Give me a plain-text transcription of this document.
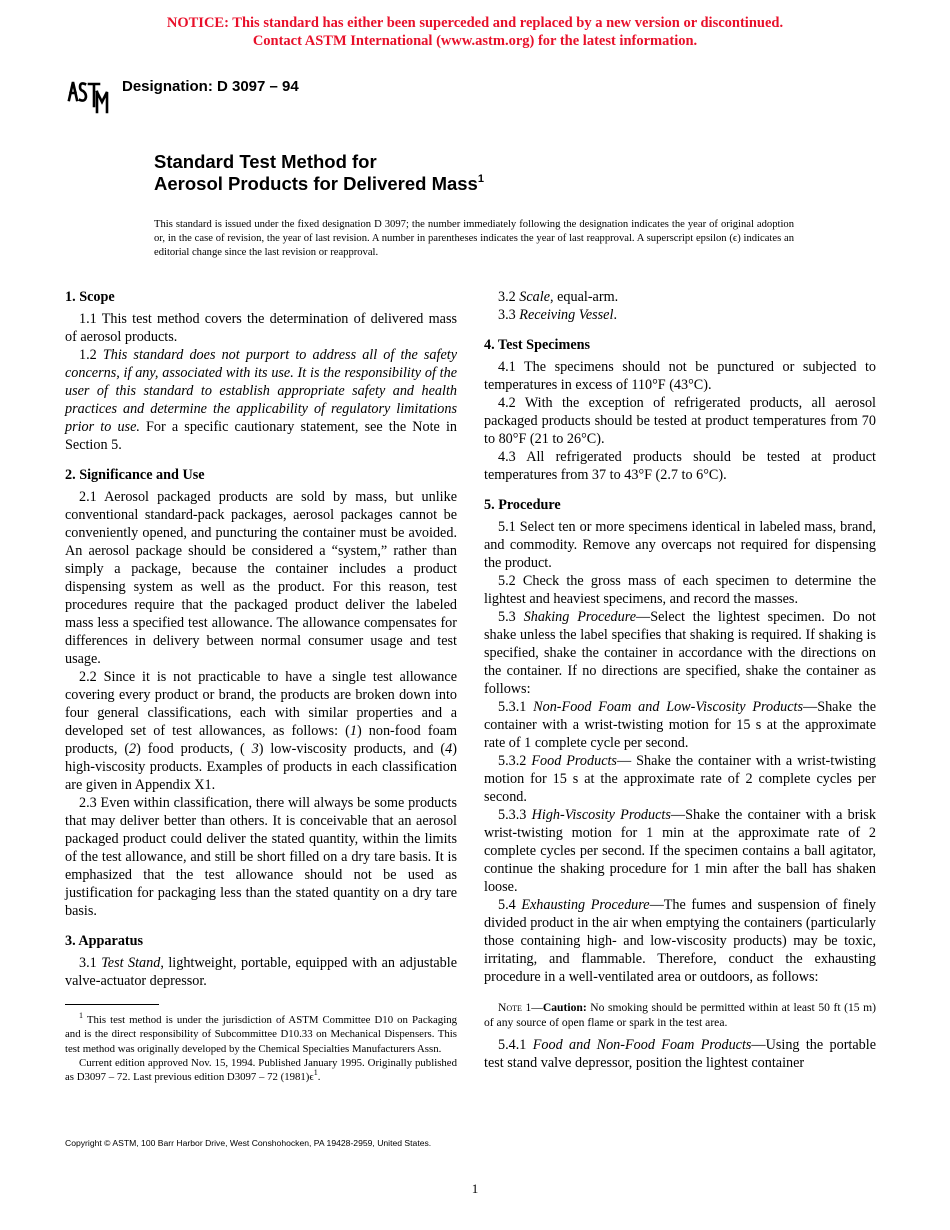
NOTICE: This standard has either been superceded and replaced by a new version or discontinued.
Contact ASTM International (www.astm.org) for the latest information.
Designation: D 3097 – 94
Standard Test Method for
Aerosol Products for Delivered Mass$^1$
This standard is issued under the fixed designation D 3097; the number immediately following the designation indicates the year of original adoption or, in the case of revision, the year of last revision. A number in parentheses indicates the year of last reapproval. A superscript epsilon (ϵ) indicates an editorial change since the last revision or reapproval.
1. Scope

1.1 This test method covers the determination of delivered mass of aerosol products.

1.2 This standard does not purport to address all of the safety concerns, if any, associated with its use. It is the responsibility of the user of this standard to establish appropriate safety and health practices and determine the applicability of regulatory limitations prior to use. For a specific cautionary statement, see the Note in Section 5.

2. Significance and Use

2.1 Aerosol packaged products are sold by mass, but unlike conventional standard-pack packages, aerosol packages cannot be conveniently opened, and puncturing the container must be avoided. An aerosol package should be considered a “system,” rather than simply a package, because the container includes a product dispensing system as well as the product. For this reason, test procedures require that the packaged product deliver the labeled mass less a specified test allowance. The allowance compensates for differences in delivery between normal consumer usage and test usage.

2.2 Since it is not practicable to have a single test allowance covering every product or brand, the products are broken down into four general classifications, each with similar properties and a developed set of test allowances, as follows: (1) non-food foam products, (2) food products, ( 3) low-viscosity products, and (4) high-viscosity products. Examples of products in each classification are given in Appendix X1.

2.3 Even within classification, there will always be some products that may deliver better than others. It is conceivable that an aerosol packaged product could deliver the stated quantity, within the limits of the test allowance, and still be short filled on a dry tare basis. It is emphasized that the test allowance should not be used as justification for packaging less than the stated quantity on a dry tare basis.

3. Apparatus

3.1 Test Stand, lightweight, portable, equipped with an adjustable valve-actuator depressor.

$^1$ This test method is under the jurisdiction of ASTM Committee D10 on Packaging and is the direct responsibility of Subcommittee D10.33 on Mechanical Dispensers. This test method was originally developed by the Chemical Specialties Manufacturers Assn.

Current edition approved Nov. 15, 1994. Published January 1995. Originally published as D3097 – 72. Last previous edition D3097 – 72 $(1981)\epsilon^1$.

3.2 Scale, equal-arm.

3.3 Receiving Vessel.

4. Test Specimens

4.1 The specimens should not be punctured or subjected to temperatures in excess of 110°F (43°C).

4.2 With the exception of refrigerated products, all aerosol packaged products should be tested at product temperatures from 70 to 80°F (21 to 26°C).

4.3 All refrigerated products should be tested at product temperatures from 37 to 43°F (2.7 to 6°C).

5. Procedure

5.1 Select ten or more specimens identical in labeled mass, brand, and commodity. Remove any overcaps not required for dispensing the product.

5.2 Check the gross mass of each specimen to determine the lightest and heaviest specimens, and record the masses.

5.3 Shaking Procedure—Select the lightest specimen. Do not shake unless the label specifies that shaking is required. If shaking is specified, shake the container in accordance with the directions on the container. If no directions are specified, shake the container as follows:

5.3.1 Non-Food Foam and Low-Viscosity Products—Shake the container with a wrist-twisting motion for 15 s at the approximate rate of 1 complete cycle per second.

5.3.2 Food Products— Shake the container with a wrist-twisting motion for 15 s at the approximate rate of 2 complete cycles per second.

5.3.3 High-Viscosity Products—Shake the container with a brisk wrist-twisting motion for 1 min at the approximate rate of 2 complete cycles per second. If the specimen contains a ball agitator, continue the shaking procedure for 1 min after the ball has shaken loose.

5.4 Exhausting Procedure—The fumes and suspension of finely divided product in the air when emptying the containers (particularly those containing high- and low-viscosity products) may be toxic, irritating, and flammable. Therefore, conduct the exhausting procedure in a well-ventilated area or outdoors, as follows:

Note 1—Caution: No smoking should be permitted within at least 50 ft (15 m) of any source of open flame or spark in the test area.

5.4.1 Food and Non-Food Foam Products—Using the portable test stand valve depressor, position the lightest container

Copyright © ASTM, 100 Barr Harbor Drive, West Conshohocken, PA 19428-2959, United States.
1
